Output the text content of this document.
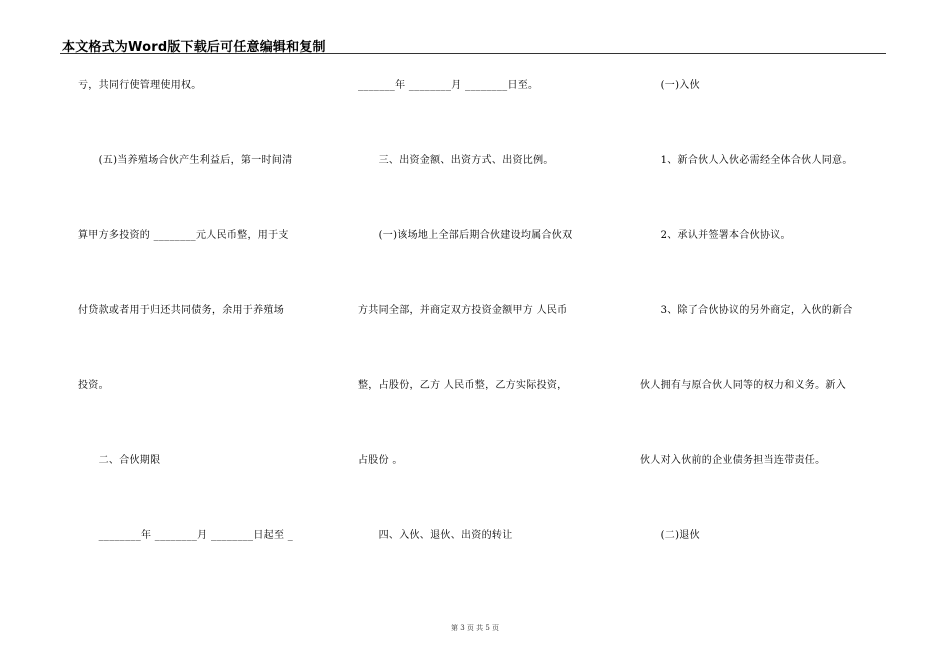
本文格式为Word版下载后可任意编辑和复制
亏，共同行使管理使用权。
　　(五)当养殖场合伙产生利益后，第一时间清
算甲方多投资的 ________元人民币整，用于支
付贷款或者用于归还共同债务，余用于养殖场
投资。
　　二、合伙期限
　　________年 ________月 ________日起至 _
_______年 ________月 ________日至。
　　三、出资金额、出资方式、出资比例。
　　(一)该场地上全部后期合伙建设均属合伙双
方共同全部，并商定双方投资金额甲方 人民币
整，占股份，乙方 人民币整，乙方实际投资，
占股份 。
　　四、入伙、退伙、出资的转让
　　(一)入伙
　　1、新合伙人入伙必需经全体合伙人同意。
　　2、承认并签署本合伙协议。
　　3、除了合伙协议的另外商定，入伙的新合
伙人拥有与原合伙人同等的权力和义务。新入
伙人对入伙前的企业债务担当连带责任。
　　(二)退伙
第 3 页 共 5 页
